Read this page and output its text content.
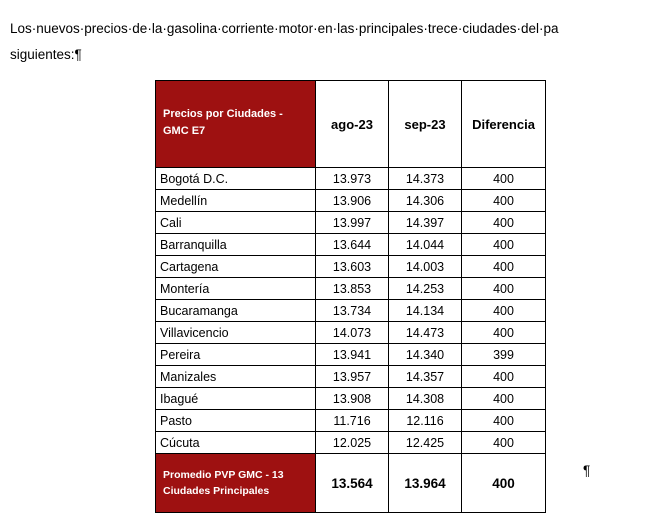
Los·nuevos·precios·de·la·gasolina·corriente·motor·en·las·principales·trece·ciudades·del·pa
siguientes:¶
Precios por Ciudades - GMC E7	ago-23	sep-23	Diferencia
Bogotá D.C.	13.973	14.373	400
Medellín	13.906	14.306	400
Cali	13.997	14.397	400
Barranquilla	13.644	14.044	400
Cartagena	13.603	14.003	400
Montería	13.853	14.253	400
Bucaramanga	13.734	14.134	400
Villavicencio	14.073	14.473	400
Pereira	13.941	14.340	399
Manizales	13.957	14.357	400
Ibagué	13.908	14.308	400
Pasto	11.716	12.116	400
Cúcuta	12.025	12.425	400
Promedio PVP GMC - 13 Ciudades Principales	13.564	13.964	400
¶
